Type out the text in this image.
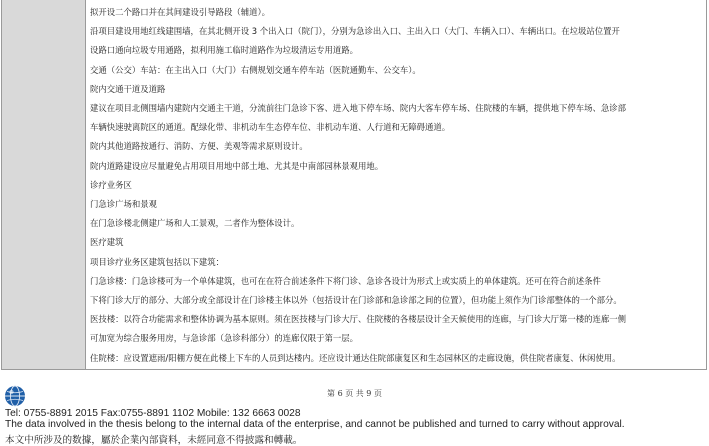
拟开设二个路口并在其间建设引导路段（辅道）。

沿项目建设用地红线建围墙，在其北侧开设 3 个出入口（院门），分别为急诊出入口、主出入口（大门、车辆入口）、车辆出口。在垃圾站位置开

设路口通向垃圾专用通路，拟利用施工临时道路作为垃圾清运专用道路。

交通（公交）车站：在主出入口（大门）右侧规划交通车停车站（医院通勤车、公交车）。

院内交通干道及道路

建议在项目北侧围墙内建院内交通主干道，分流前往门急诊下客、进入地下停车场、院内大客车停车场、住院楼的车辆，提供地下停车场、急诊部

车辆快速驶离院区的通道。配绿化带、非机动车生态停车位、非机动车道、人行道和无障碍通道。

院内其他道路按通行、消防、方便、美观等需求原则设计。

院内道路建设应尽量避免占用项目用地中部土地、尤其是中南部园林景观用地。

诊疗业务区

门急诊广场和景观

在门急诊楼北侧建广场和人工景观，二者作为整体设计。

医疗建筑

项目诊疗业务区建筑包括以下建筑：

门急诊楼：门急诊楼可为一个单体建筑，也可在在符合前述条件下将门诊、急诊各设计为形式上或实质上的单体建筑。还可在符合前述条件

下将门诊大厅的部分、大部分或全部设计在门诊楼主体以外（包括设计在门诊部和急诊部之间的位置），但功能上须作为门诊部整体的一个部分。

医技楼：以符合功能需求和整体协调为基本原则。须在医技楼与门诊大厅、住院楼的各楼层设计全天候使用的连廊，与门诊大厅第一楼的连廊一侧

可加宽为综合服务用房，与急诊部（急诊科部分）的连廊仅限于第一层。

住院楼：应设置遮雨/阳棚方便在此楼上下车的人员到达楼内。还应设计通达住院部康复区和生态园林区的走廊设施，供住院者康复、休闲使用。

第 6 页 共 9 页
Tel: 0755-8891 2015 Fax:0755-8891 1102 Mobile: 132 6663 0028
The data involved in the thesis belong to the internal data of the enterprise, and cannot be published and turned to carry without approval.
本文中所涉及的数據，屬於企業內部資料，未經同意不得披露和轉載。
